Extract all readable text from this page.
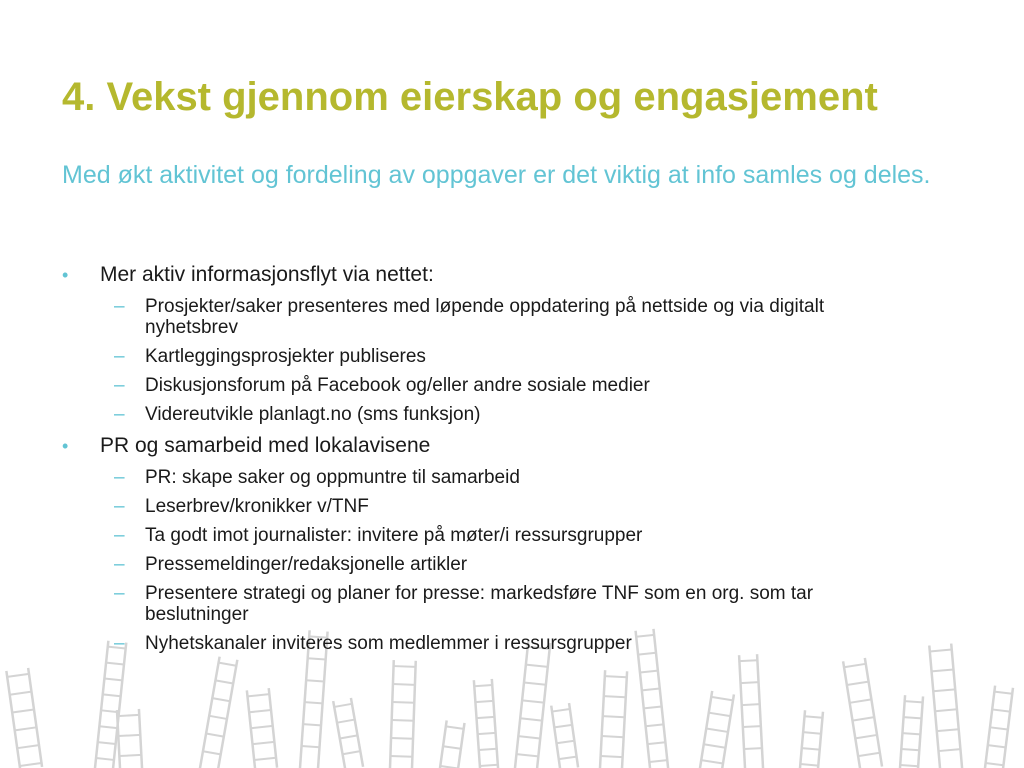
4. Vekst gjennom eierskap og engasjement

Med økt aktivitet og fordeling av oppgaver er det viktig at info samles og deles.

• Mer aktiv informasjonsflyt via nettet:
– Prosjekter/saker presenteres med løpende oppdatering på nettside og via digitalt nyhetsbrev
– Kartleggingsprosjekter publiseres
– Diskusjonsforum på Facebook og/eller andre sosiale medier
– Videreutvikle planlagt.no (sms funksjon)
• PR og samarbeid med lokalavisene
– PR: skape saker og oppmuntre til samarbeid
– Leserbrev/kronikker v/TNF
– Ta godt imot journalister: invitere på møter/i ressursgrupper
– Pressemeldinger/redaksjonelle artikler
– Presentere strategi og planer for presse: markedsføre TNF som en org. som tar beslutninger
– Nyhetskanaler inviteres som medlemmer i ressursgrupper
